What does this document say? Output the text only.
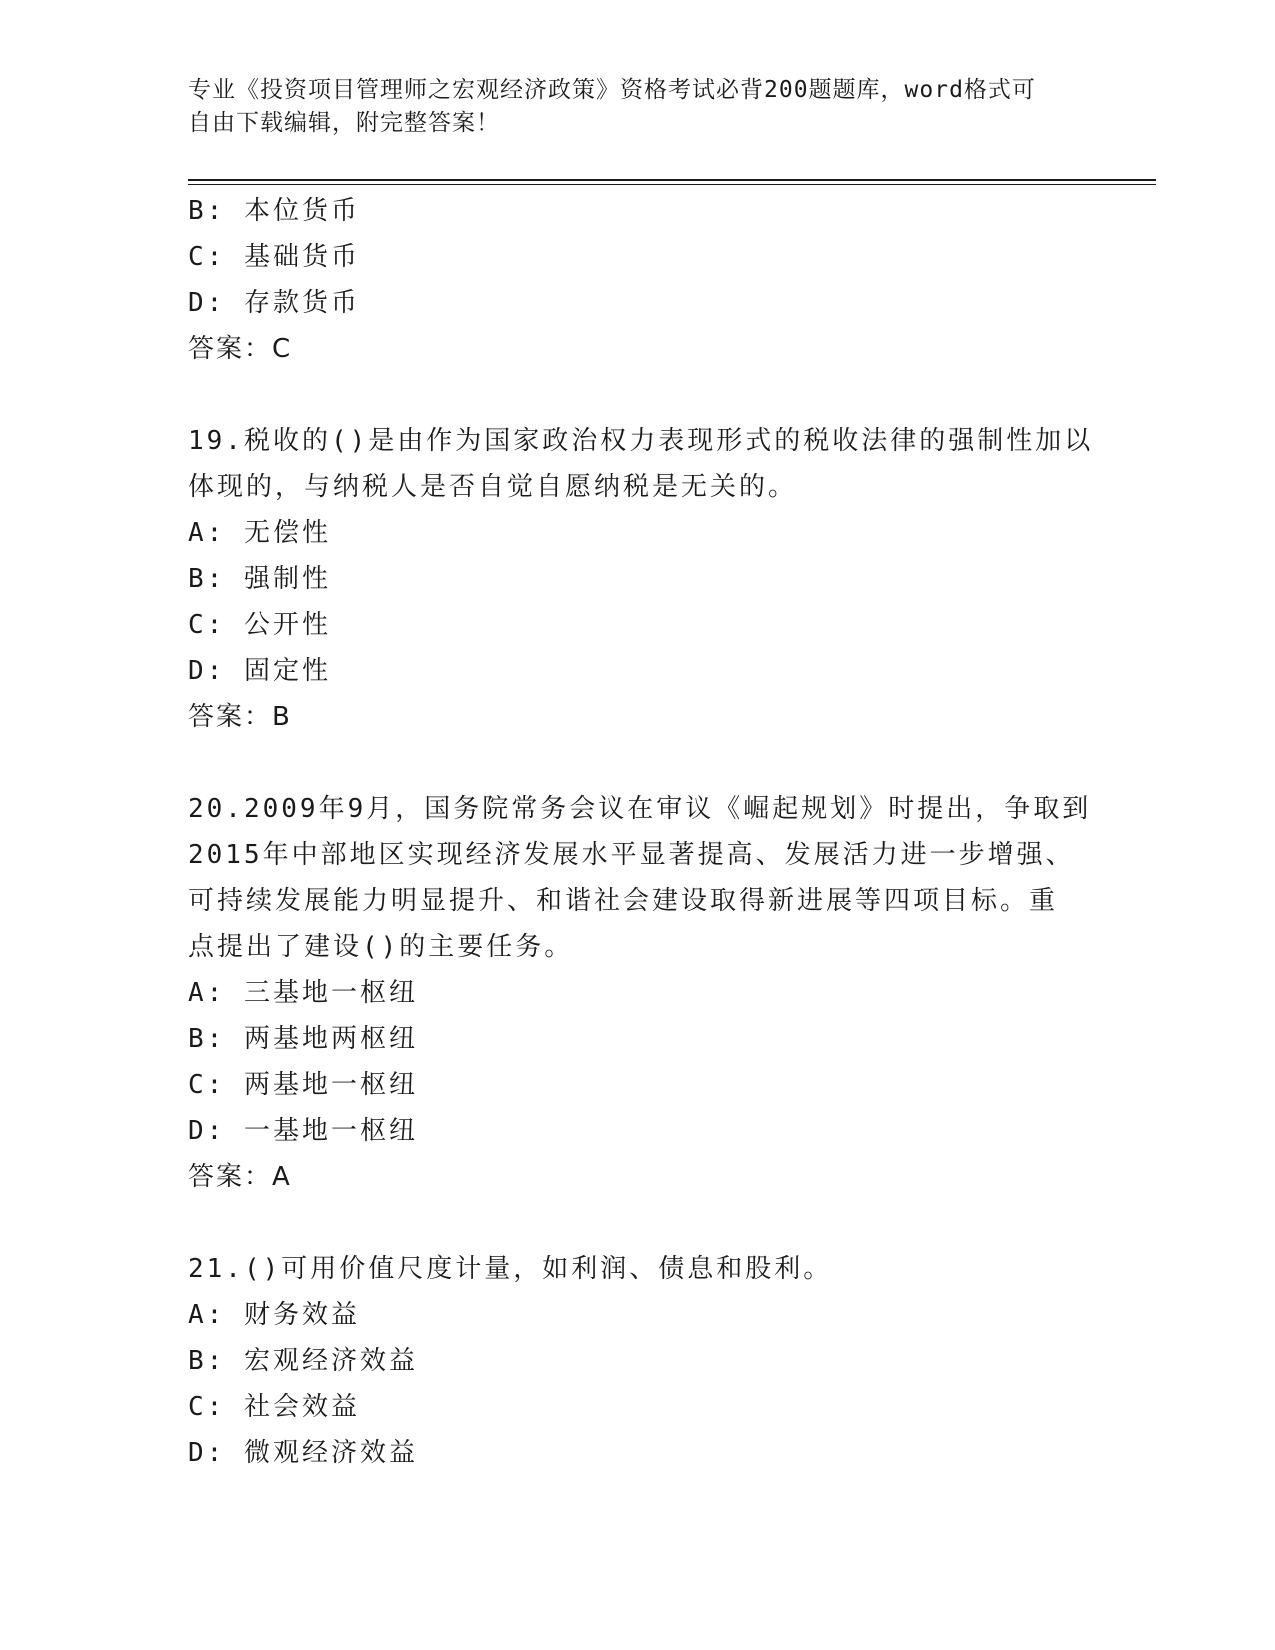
专业《投资项目管理师之宏观经济政策》资格考试必背200题题库，word格式可
自由下载编辑，附完整答案！
B: 本位货币
C: 基础货币
D: 存款货币
答案：C
19.税收的()是由作为国家政治权力表现形式的税收法律的强制性加以
体现的，与纳税人是否自觉自愿纳税是无关的。
A: 无偿性
B: 强制性
C: 公开性
D: 固定性
答案：B
20.2009年9月，国务院常务会议在审议《崛起规划》时提出，争取到
2015年中部地区实现经济发展水平显著提高、发展活力进一步增强、
可持续发展能力明显提升、和谐社会建设取得新进展等四项目标。重
点提出了建设()的主要任务。
A: 三基地一枢纽
B: 两基地两枢纽
C: 两基地一枢纽
D: 一基地一枢纽
答案：A
21.()可用价值尺度计量，如利润、债息和股利。
A: 财务效益
B: 宏观经济效益
C: 社会效益
D: 微观经济效益
